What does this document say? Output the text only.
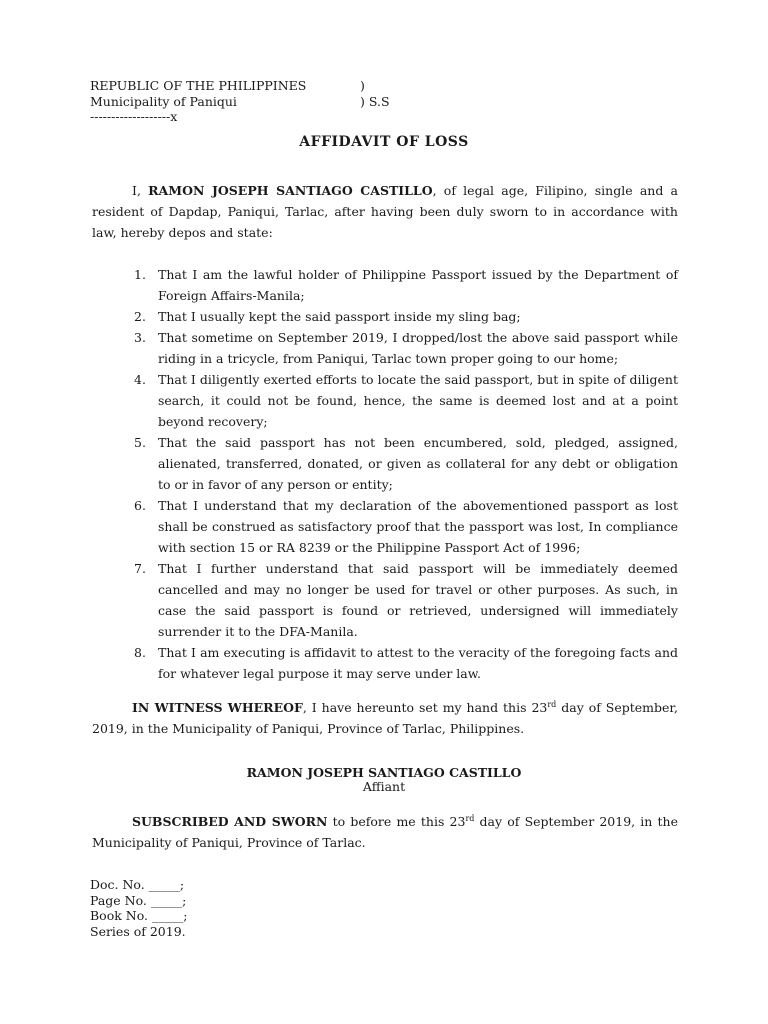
REPUBLIC OF THE PHILIPPINES	)
Municipality of Paniqui	) S.S
-------------------x
AFFIDAVIT OF LOSS
I, RAMON JOSEPH SANTIAGO CASTILLO, of legal age, Filipino, single and a resident of Dapdap, Paniqui, Tarlac, after having been duly sworn to in accordance with law, hereby depos and state:
1. That I am the lawful holder of Philippine Passport issued by the Department of Foreign Affairs-Manila;
2. That I usually kept the said passport inside my sling bag;
3. That sometime on September 2019, I dropped/lost the above said passport while riding in a tricycle, from Paniqui, Tarlac town proper going to our home;
4. That I diligently exerted efforts to locate the said passport, but in spite of diligent search, it could not be found, hence, the same is deemed lost and at a point beyond recovery;
5. That the said passport has not been encumbered, sold, pledged, assigned, alienated, transferred, donated, or given as collateral for any debt or obligation to or in favor of any person or entity;
6. That I understand that my declaration of the abovementioned passport as lost shall be construed as satisfactory proof that the passport was lost, In compliance with section 15 or RA 8239 or the Philippine Passport Act of 1996;
7. That I further understand that said passport will be immediately deemed cancelled and may no longer be used for travel or other purposes. As such, in case the said passport is found or retrieved, undersigned will immediately surrender it to the DFA-Manila.
8. That I am executing is affidavit to attest to the veracity of the foregoing facts and for whatever legal purpose it may serve under law.
IN WITNESS WHEREOF, I have hereunto set my hand this 23rd day of September, 2019, in the Municipality of Paniqui, Province of Tarlac, Philippines.
RAMON JOSEPH SANTIAGO CASTILLO
Affiant
SUBSCRIBED AND SWORN to before me this 23rd day of September 2019, in the Municipality of Paniqui, Province of Tarlac.
Doc. No. _____;
Page No. _____;
Book No. _____;
Series of 2019.
